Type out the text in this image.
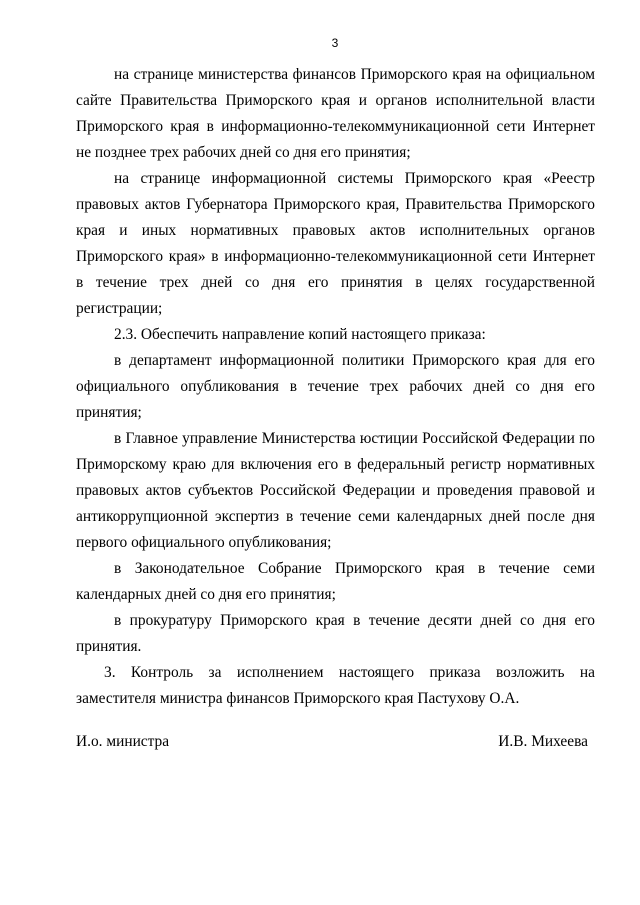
3

на странице министерства финансов Приморского края на официальном сайте Правительства Приморского края и органов исполнительной власти Приморского края в информационно-телекоммуникационной сети Интернет не позднее трех рабочих дней со дня его принятия;

на странице информационной системы Приморского края «Реестр правовых актов Губернатора Приморского края, Правительства Приморского края и иных нормативных правовых актов исполнительных органов Приморского края» в информационно-телекоммуникационной сети Интернет в течение трех дней со дня его принятия в целях государственной регистрации;

2.3. Обеспечить направление копий настоящего приказа:

в департамент информационной политики Приморского края для его официального опубликования в течение трех рабочих дней со дня его принятия;

в Главное управление Министерства юстиции Российской Федерации по Приморскому краю для включения его в федеральный регистр нормативных правовых актов субъектов Российской Федерации и проведения правовой и антикоррупционной экспертиз в течение семи календарных дней после дня первого официального опубликования;

в Законодательное Собрание Приморского края в течение семи календарных дней со дня его принятия;

в прокуратуру Приморского края в течение десяти дней со дня его принятия.

3. Контроль за исполнением настоящего приказа возложить на заместителя министра финансов Приморского края Пастухову О.А.

И.о. министра	И.В. Михеева
